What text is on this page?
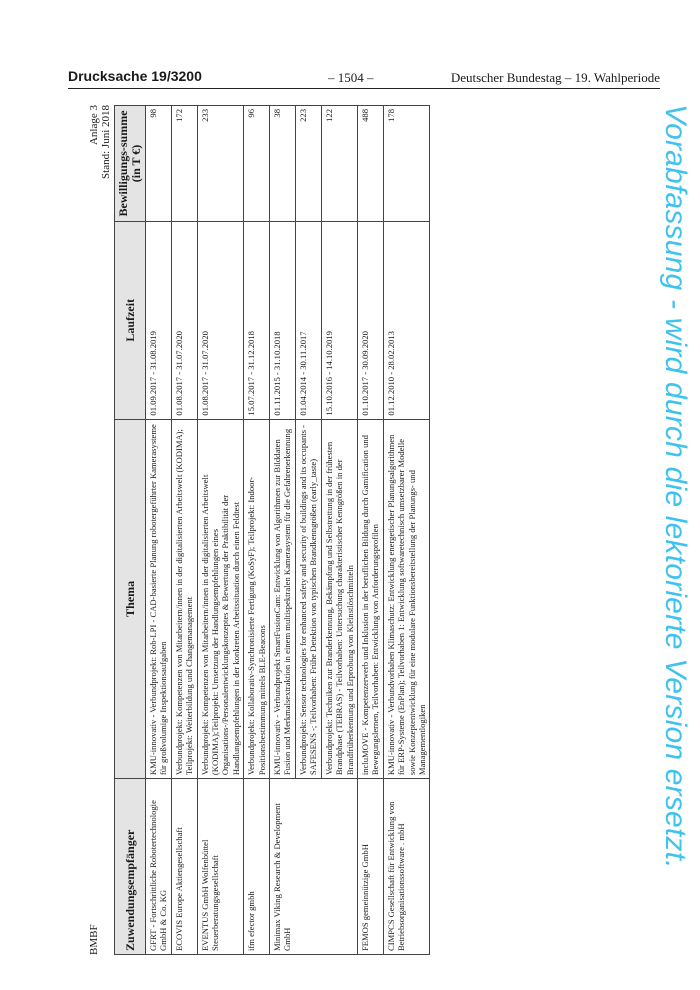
Drucksache 19/3200	– 1504 –	Deutscher Bundestag – 19. Wahlperiode
BMBF
Anlage 3 Stand: Juni 2018
Zuwendungsempfänger	Thema	Laufzeit	Bewilligungs-summe (in T €)
GFRT - Fortschrittliche Robotertechnologie GmbH & Co. KG	KMU-innovativ - Verbundprojekt: Rob-LPI - CAD-basierte Planung robotergeführter Kamerasysteme für großvolumige Inspektionsaufgaben	01.09.2017 - 31.08.2019	98
ECOVIS Europe Aktiengesellschaft	Verbundprojekt: Kompetenzen von Mitarbeitern/innen in der digitalisierten Arbeitswelt (KODIMA); Teilprojekt: Weiterbildung und Changemanagement	01.08.2017 - 31.07.2020	172
EVENTUS GmbH Wolfenbüttel Steuerberatungsgesellschaft	Verbundprojekt: Kompetenzen von Mitarbeitern/innen in der digitalisierten Arbeitswelt (KODIMA);Teilprojekt: Umsetzung der Handlungsempfehlungen eines Organisations-/Personalentwicklungskonzeptes & Bewertung der Praktibilität der Handlungsempfehlungen in der konkreten Arbeitssituation durch einen Feldtest	01.08.2017 - 31.07.2020	233
ifm efector gmbh	Verbundprojekt: Kollaborativ-Synchronisierte Fertigung (KoSyF); Teilprojekt: Indoor-Positionsbestimmung mittels BLE-Beacons	15.07.2017 - 31.12.2018	96
Minimax Viking Research & Development GmbH	KMU-innovativ - Verbundprojekt SmartFusionCam: Entwicklung von Algorithmen zur Bilddaten Fusion und Merkmalsextraktion in einem multispektralen Kamerasystem für die Gefahrenerkennung	01.11.2015 - 31.10.2018	38
	Verbundprojekt: Sensor technologies for enhanced safety and security of buildings and its occupants - SAFESENS -; Teilvorhaben: Frühe Detektion von typischen Brandkenngrößen (early_taste)	01.04.2014 - 30.11.2017	223
	Verbundprojekt: Techniken zur Branderkennung, Bekämpfung und Selbstrettung in der frühesten Brandphase (TEBRAS) - Teilvorhaben: Untersuchung charakteristischer Kenngrößen in der Brandfrüherkennung und Erprobung von Kleinstlöschmitteln	15.10.2016 - 14.10.2019	122
FEMOS gemeinnützige GmbH	incluMOVE - Kompetenzerwerb und Inklusion in der beruflichen Bildung durch Gamification und Bewegungslernen, Teilvorhaben: Entwicklung von Anforderungsprofilen	01.10.2017 - 30.09.2020	488
CIMPCS Gesellschaft für Entwicklung von Betriebsorganisationssoftware . mbH	KMU-innovativ - Verbundvorhaben Klimaschutz: Entwicklung energetischer Planungsalgorithmen für ERP-Systeme (EnPlan); Teilvorhaben 1: Entwicklung softwaretechnisch umsetzbarer Modelle sowie Konzeptentwicklung für eine modulare Funktionsbereitstellung der Planungs- und Managementlogiken	01.12.2010 - 28.02.2013	178	Vorabfassung - wird durch die lektorierte Version ersetzt.
